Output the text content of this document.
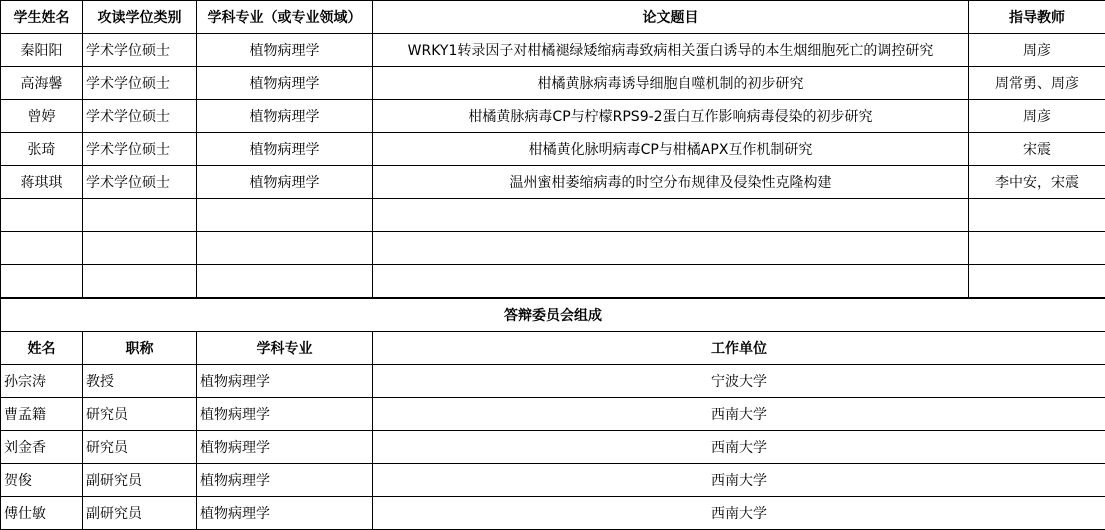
学生姓名	攻读学位类别	学科专业（或专业领域）	论文题目	指导教师
秦阳阳	学术学位硕士	植物病理学	WRKY1转录因子对柑橘褪绿矮缩病毒致病相关蛋白诱导的本生烟细胞死亡的调控研究	周彦
高海馨	学术学位硕士	植物病理学	柑橘黄脉病毒诱导细胞自噬机制的初步研究	周常勇、周彦
曾婷	学术学位硕士	植物病理学	柑橘黄脉病毒CP与柠檬RPS9-2蛋白互作影响病毒侵染的初步研究	周彦
张琦	学术学位硕士	植物病理学	柑橘黄化脉明病毒CP与柑橘APX互作机制研究	宋震
蒋琪琪	学术学位硕士	植物病理学	温州蜜柑萎缩病毒的时空分布规律及侵染性克隆构建	李中安，宋震

答辩委员会组成			
姓名	职称	学科专业	工作单位
孙宗涛	教授	植物病理学	宁波大学
曹孟籍	研究员	植物病理学	西南大学
刘金香	研究员	植物病理学	西南大学
贺俊	副研究员	植物病理学	西南大学
傅仕敏	副研究员	植物病理学	西南大学
